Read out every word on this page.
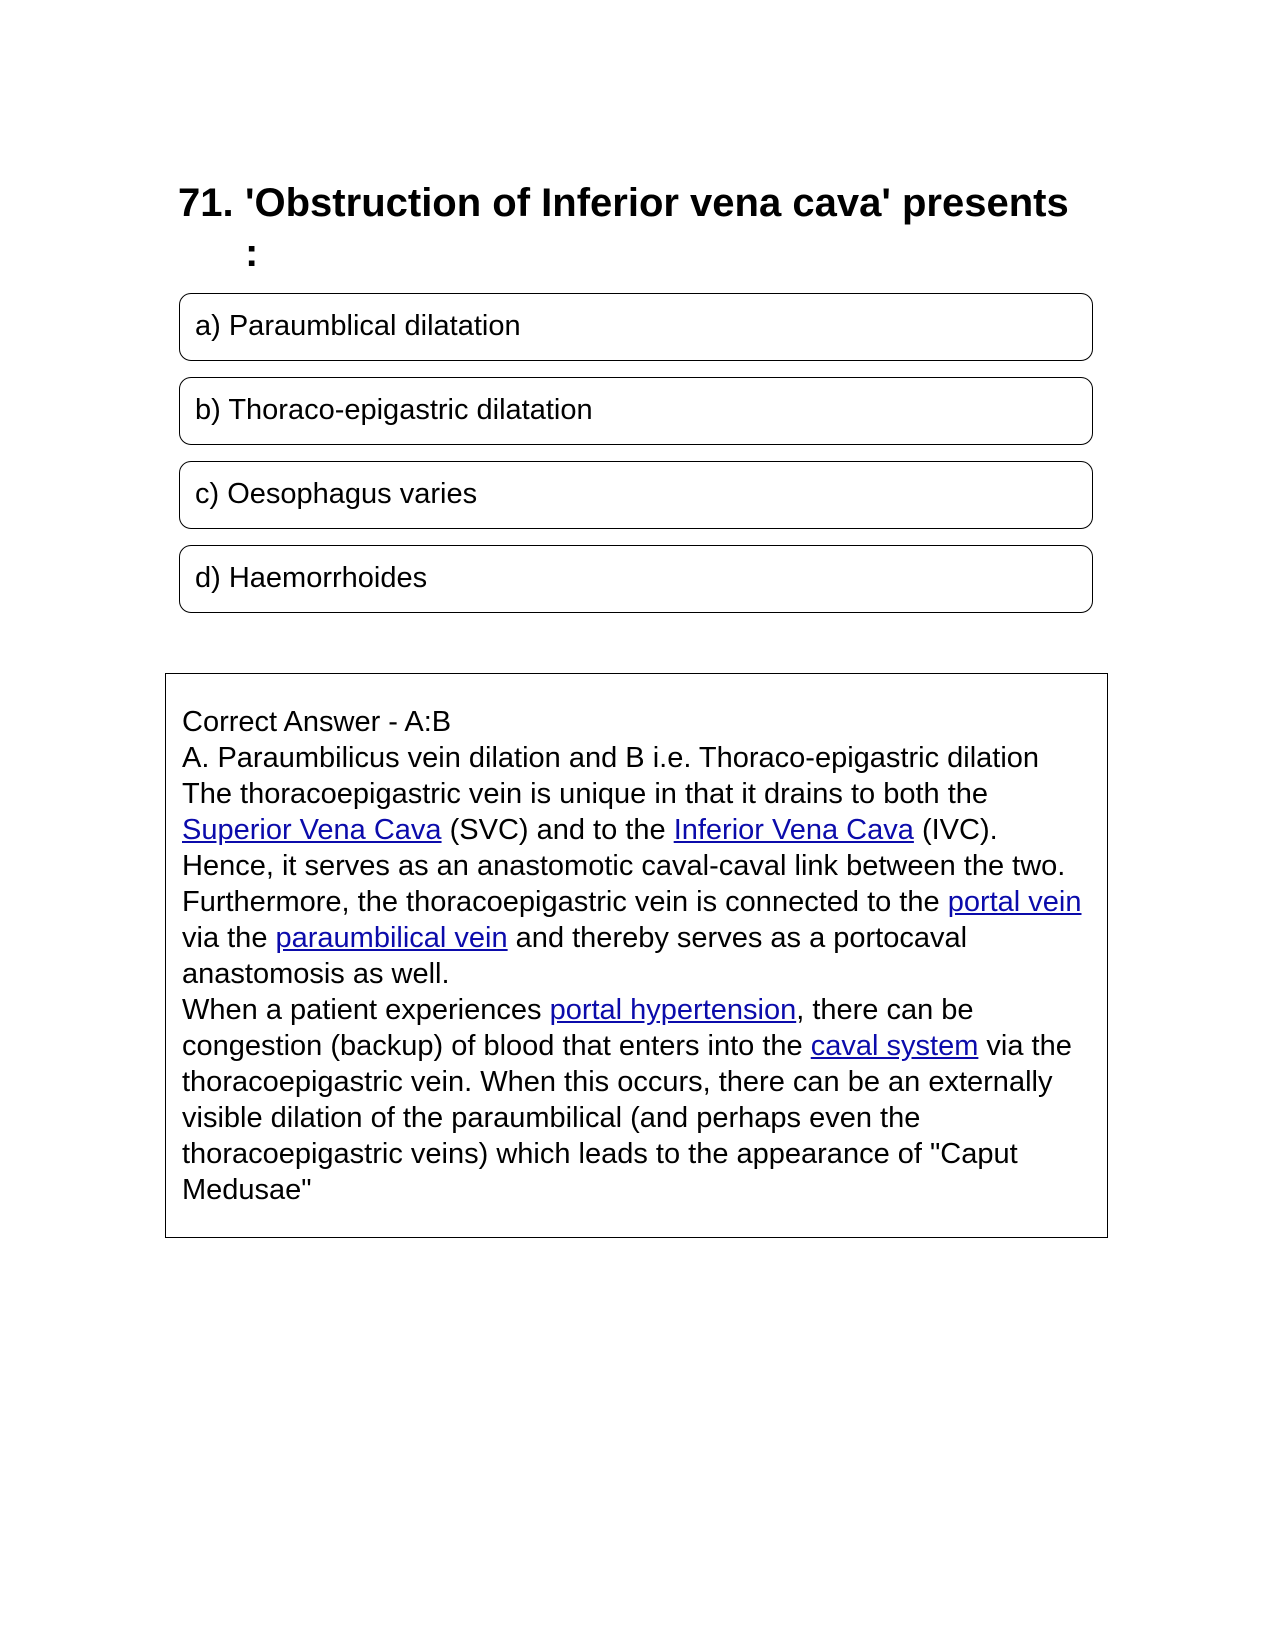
71. 'Obstruction of Inferior vena cava' presents :
a) Paraumblical dilatation
b) Thoraco-epigastric dilatation
c) Oesophagus varies
d) Haemorrhoides

Correct Answer - A:B

A. Paraumbilicus vein dilation and B i.e. Thoraco-epigastric dilation

The thoracoepigastric vein is unique in that it drains to both the Superior Vena Cava (SVC) and to the Inferior Vena Cava (IVC). Hence, it serves as an anastomotic caval-caval link between the two. Furthermore, the thoracoepigastric vein is connected to the portal vein via the paraumbilical vein and thereby serves as a portocaval anastomosis as well.

When a patient experiences portal hypertension, there can be congestion (backup) of blood that enters into the caval system via the thoracoepigastric vein. When this occurs, there can be an externally visible dilation of the paraumbilical (and perhaps even the thoracoepigastric veins) which leads to the appearance of "Caput Medusae"
